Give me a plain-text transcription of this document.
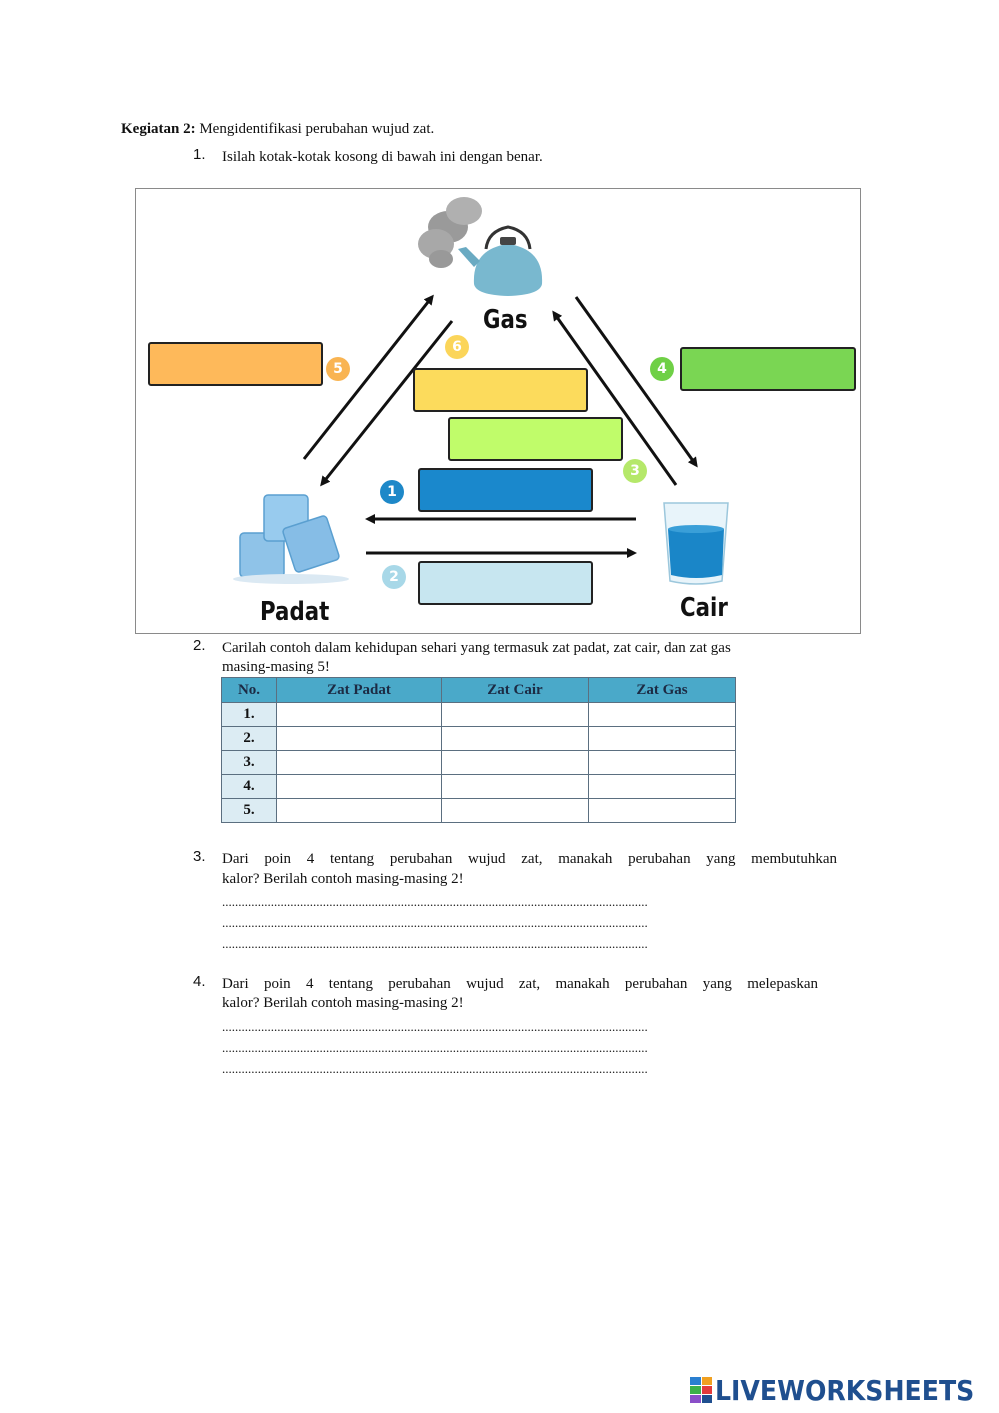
Kegiatan 2: Mengidentifikasi perubahan wujud zat.
1. Isilah kotak-kotak kosong di bawah ini dengan benar.
Gas
Padat	Cair
5	4
6
3
1
2
2. Carilah contoh dalam kehidupan sehari yang termasuk zat padat, zat cair, dan zat gas
masing-masing 5!
No.	Zat Padat	Zat Cair	Zat Gas
1.			
2.			
3.			
4.			
5.			
3. Dari poin 4 tentang perubahan wujud zat, manakah perubahan yang membutuhkan
kalor? Berilah contoh masing-masing 2!
...................................................................................................................................
...................................................................................................................................
...................................................................................................................................
4. Dari poin 4 tentang perubahan wujud zat, manakah perubahan yang melepaskan
kalor? Berilah contoh masing-masing 2!
...................................................................................................................................
...................................................................................................................................
...................................................................................................................................
LIVEWORKSHEETS
